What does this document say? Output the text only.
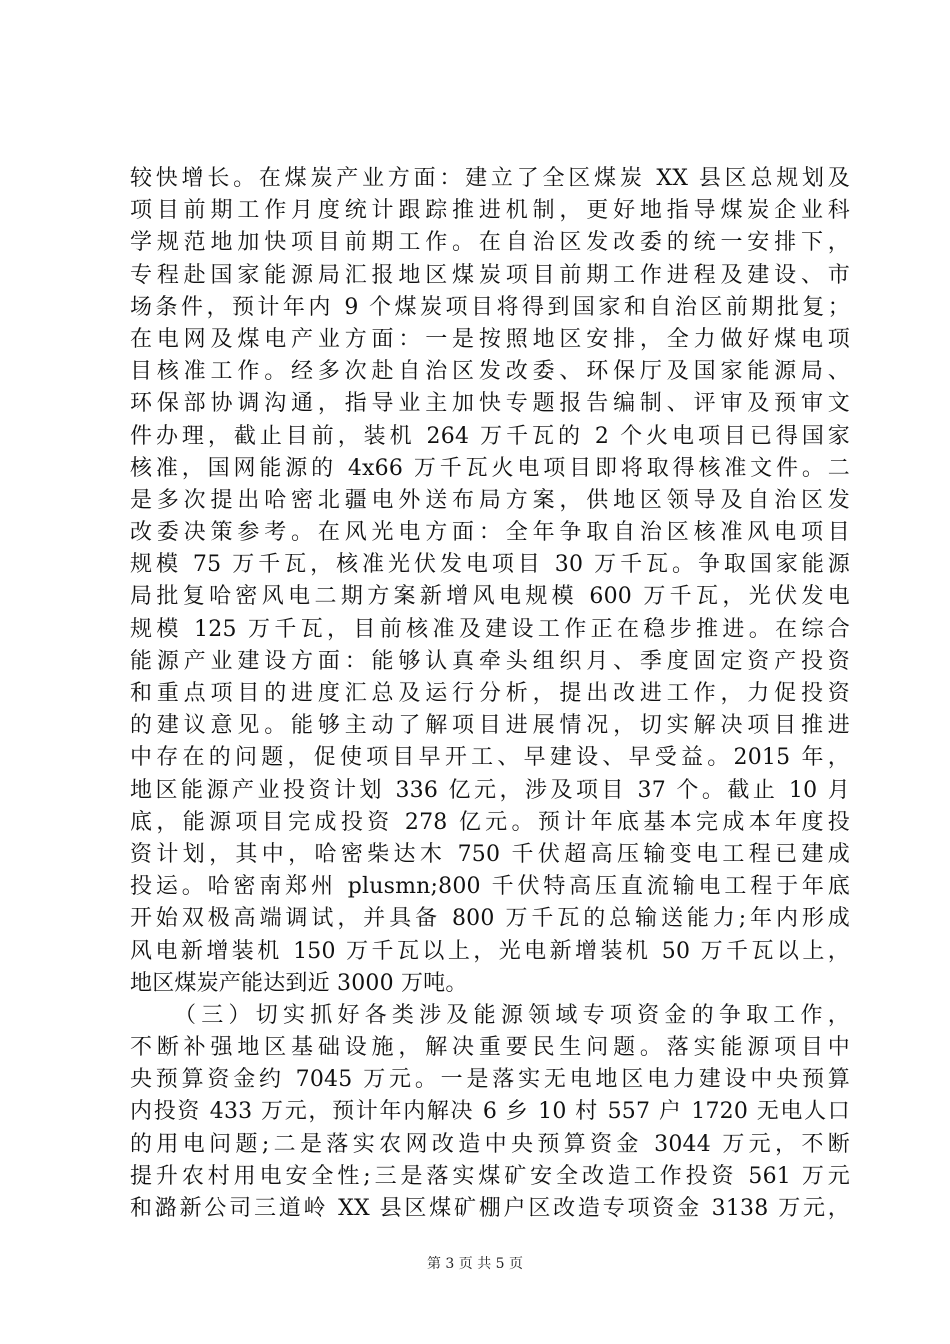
较快增长。在煤炭产业方面：建立了全区煤炭 XX 县区总规划及
项目前期工作月度统计跟踪推进机制，更好地指导煤炭企业科
学规范地加快项目前期工作。在自治区发改委的统一安排下，
专程赴国家能源局汇报地区煤炭项目前期工作进程及建设、市
场条件，预计年内 9 个煤炭项目将得到国家和自治区前期批复；
在电网及煤电产业方面：一是按照地区安排，全力做好煤电项
目核准工作。经多次赴自治区发改委、环保厅及国家能源局、
环保部协调沟通，指导业主加快专题报告编制、评审及预审文
件办理，截止目前，装机 264 万千瓦的 2 个火电项目已得国家
核准，国网能源的 4x66 万千瓦火电项目即将取得核准文件。二
是多次提出哈密北疆电外送布局方案，供地区领导及自治区发
改委决策参考。在风光电方面：全年争取自治区核准风电项目
规模 75 万千瓦，核准光伏发电项目 30 万千瓦。争取国家能源
局批复哈密风电二期方案新增风电规模 600 万千瓦，光伏发电
规模 125 万千瓦，目前核准及建设工作正在稳步推进。在综合
能源产业建设方面：能够认真牵头组织月、季度固定资产投资
和重点项目的进度汇总及运行分析，提出改进工作，力促投资
的建议意见。能够主动了解项目进展情况，切实解决项目推进
中存在的问题，促使项目早开工、早建设、早受益。2015 年，
地区能源产业投资计划 336 亿元，涉及项目 37 个。截止 10 月
底，能源项目完成投资 278 亿元。预计年底基本完成本年度投
资计划，其中，哈密柴达木 750 千伏超高压输变电工程已建成
投运。哈密南郑州 plusmn;800 千伏特高压直流输电工程于年底
开始双极高端调试，并具备 800 万千瓦的总输送能力;年内形成
风电新增装机 150 万千瓦以上，光电新增装机 50 万千瓦以上，
地区煤炭产能达到近 3000 万吨。
（三）切实抓好各类涉及能源领域专项资金的争取工作，
不断补强地区基础设施，解决重要民生问题。落实能源项目中
央预算资金约 7045 万元。一是落实无电地区电力建设中央预算
内投资 433 万元，预计年内解决 6 乡 10 村 557 户 1720 无电人口
的用电问题;二是落实农网改造中央预算资金 3044 万元，不断
提升农村用电安全性;三是落实煤矿安全改造工作投资 561 万元
和潞新公司三道岭 XX 县区煤矿棚户区改造专项资金 3138 万元，
第 3 页 共 5 页
